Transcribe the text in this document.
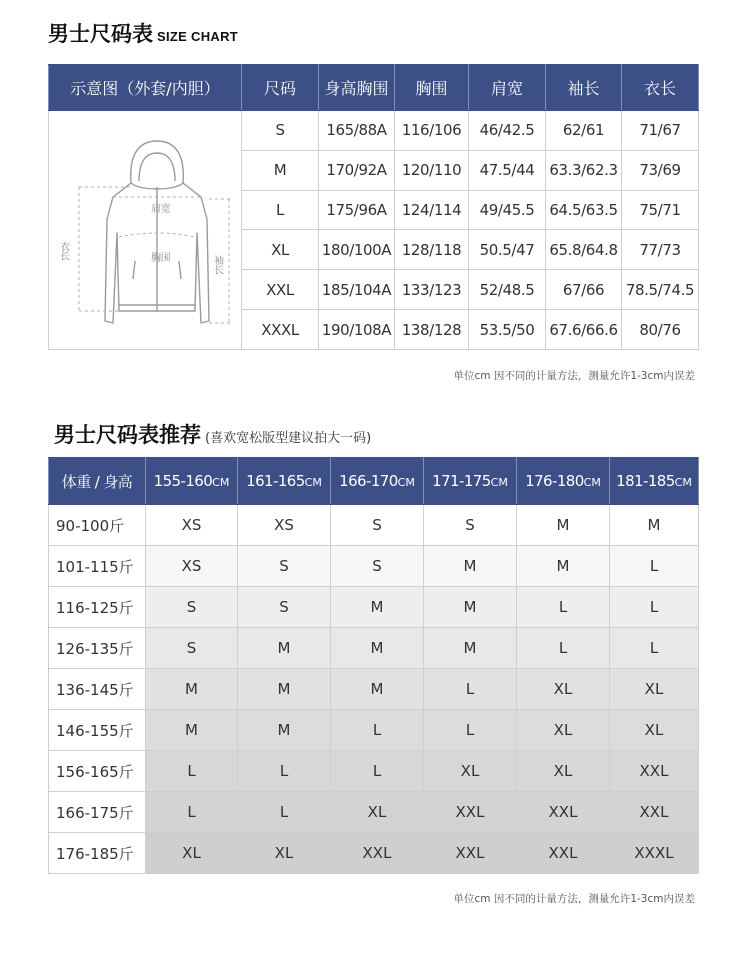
男士尺码表 SIZE CHART
示意图（外套/内胆）	尺码	身高胸围	胸围	肩宽	袖长	衣长

肩宽
胸围
衣长
袖长	S	165/88A	116/106	46/42.5	62/61	71/67
	M	170/92A	120/110	47.5/44	63.3/62.3	73/69
	L	175/96A	124/114	49/45.5	64.5/63.5	75/71
	XL	180/100A	128/118	50.5/47	65.8/64.8	77/73
	XXL	185/104A	133/123	52/48.5	67/66	78.5/74.5
	XXXL	190/108A	138/128	53.5/50	67.6/66.6	80/76
单位cm 因不同的计量方法，测量允许1-3cm内误差
男士尺码表推荐 (喜欢宽松版型建议拍大一码)
体重 / 身高	155-160CM	161-165CM	166-170CM	171-175CM	176-180CM	181-185CM
90-100斤	XS	XS	S	S	M	M
101-115斤	XS	S	S	M	M	L
116-125斤	S	S	M	M	L	L
126-135斤	S	M	M	M	L	L
136-145斤	M	M	M	L	XL	XL
146-155斤	M	M	L	L	XL	XL
156-165斤	L	L	L	XL	XL	XXL
166-175斤	L	L	XL	XXL	XXL	XXL
176-185斤	XL	XL	XXL	XXL	XXL	XXXL
单位cm 因不同的计量方法，测量允许1-3cm内误差
